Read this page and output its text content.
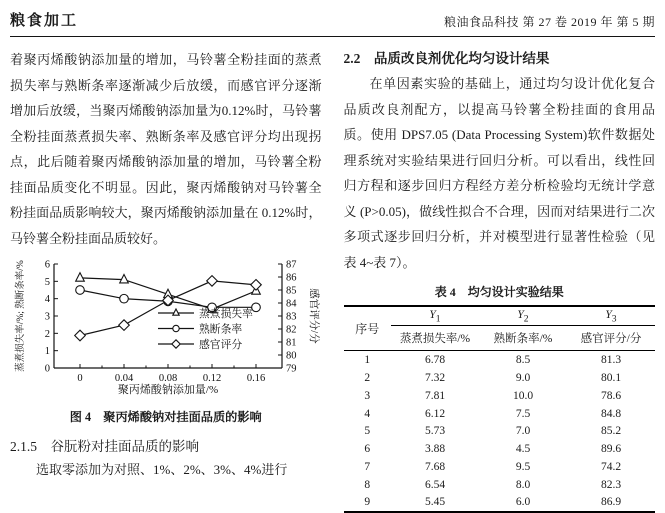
粮食加工	粮油食品科技 第 27 卷 2019 年 第 5 期

着聚丙烯酸钠添加量的增加，马铃薯全粉挂面的蒸煮损失率与熟断条率逐渐减少后放缓，而感官评分逐渐增加后放缓，当聚丙烯酸钠添加量为0.12%时，马铃薯全粉挂面蒸煮损失率、熟断条率及感官评分均出现拐点，此后随着聚丙烯酸钠添加量的增加，马铃薯全粉挂面品质变化不明显。因此，聚丙烯酸钠对马铃薯全粉挂面品质影响较大，聚丙烯酸钠添加量在 0.12%时，马铃薯全粉挂面品质较好。

0
1
2
3
4
5
6
79
80
81
82
83
84
85
86
87
0	0.04 0.08 0.12 0.16
蒸煮损失率/%; 熟断条率/%	感官评分/分
聚丙烯酸钠添加量/%
蒸煮损失率
熟断条率
感官评分
图 4　聚丙烯酸钠对挂面品质的影响
2.1.5　谷朊粉对挂面品质的影响

选取零添加为对照、1%、2%、3%、4%进行

2.2　品质改良剂优化均匀设计结果

在单因素实验的基础上，通过均匀设计优化复合品质改良剂配方，以提高马铃薯全粉挂面的食用品质。使用 DPS7.05 (Data Processing System)软件数据处理系统对实验结果进行回归分析。可以看出，线性回归方程和逐步回归方程经方差分析检验均无统计学意义 (P>0.05)，做线性拟合不合理，因而对结果进行二次多项式逐步回归分析，并对模型进行显著性检验（见表 4~表 7）。

表 4　均匀设计实验结果
序号	$Y_1$	$Y_2$	$Y_3$
	蒸煮损失率/%	熟断条率/%	感官评分/分
1	6.78	8.5	81.3
2	7.32	9.0	80.1
3	7.81	10.0	78.6
4	6.12	7.5	84.8
5	5.73	7.0	85.2
6	3.88	4.5	89.6
7	7.68	9.5	74.2
8	6.54	8.0	82.3
9	5.45	6.0	86.9
